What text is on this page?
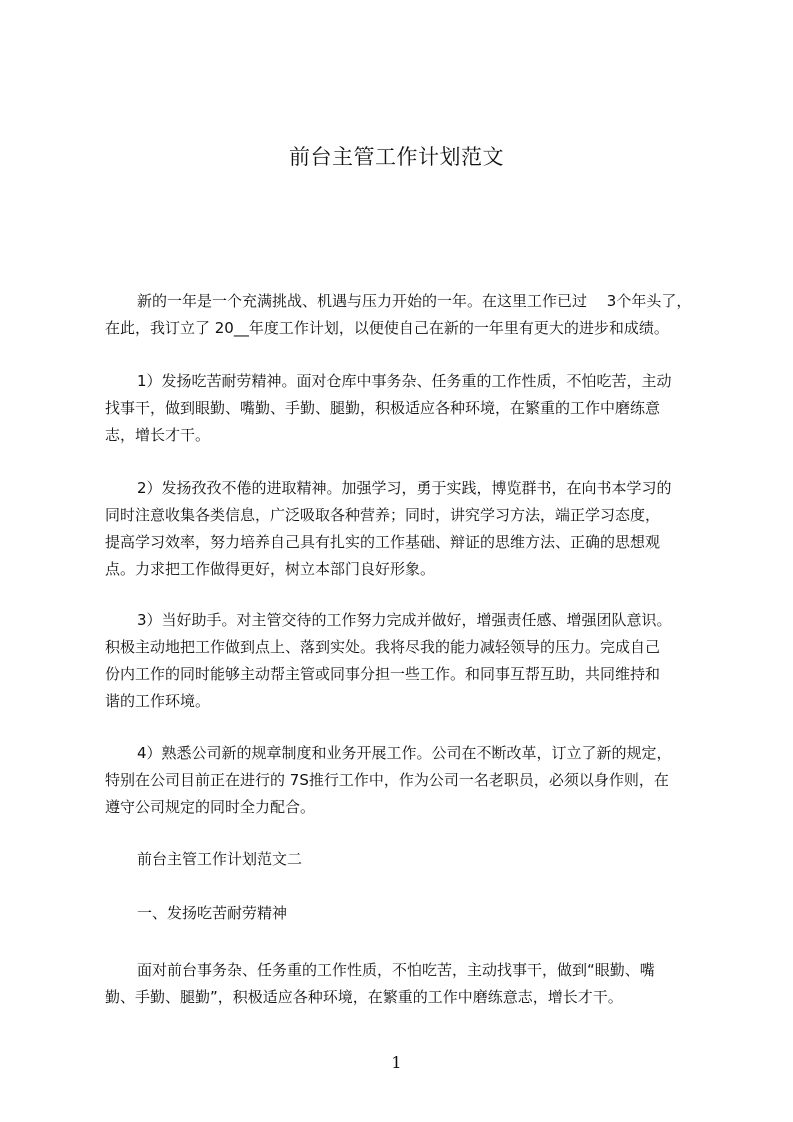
前台主管工作计划范文
新的一年是一个充满挑战、机遇与压力开始的一年。在这里工作已过　 3个年头了，
在此，我订立了 20__年度工作计划，以便使自己在新的一年里有更大的进步和成绩。
1）发扬吃苦耐劳精神。面对仓库中事务杂、任务重的工作性质，不怕吃苦，主动
找事干，做到眼勤、嘴勤、手勤、腿勤，积极适应各种环境，在繁重的工作中磨练意
志，增长才干。
2）发扬孜孜不倦的进取精神。加强学习，勇于实践，博览群书，在向书本学习的
同时注意收集各类信息，广泛吸取各种营养；同时，讲究学习方法，端正学习态度，
提高学习效率，努力培养自己具有扎实的工作基础、辩证的思维方法、正确的思想观
点。力求把工作做得更好，树立本部门良好形象。
3）当好助手。对主管交待的工作努力完成并做好，增强责任感、增强团队意识。
积极主动地把工作做到点上、落到实处。我将尽我的能力减轻领导的压力。完成自己
份内工作的同时能够主动帮主管或同事分担一些工作。和同事互帮互助，共同维持和
谐的工作环境。
4）熟悉公司新的规章制度和业务开展工作。公司在不断改革，订立了新的规定，
特别在公司目前正在进行的 7S推行工作中，作为公司一名老职员，必须以身作则，在
遵守公司规定的同时全力配合。
前台主管工作计划范文二
一、发扬吃苦耐劳精神
面对前台事务杂、任务重的工作性质，不怕吃苦，主动找事干，做到“眼勤、嘴
勤、手勤、腿勤”，积极适应各种环境，在繁重的工作中磨练意志，增长才干。
1
